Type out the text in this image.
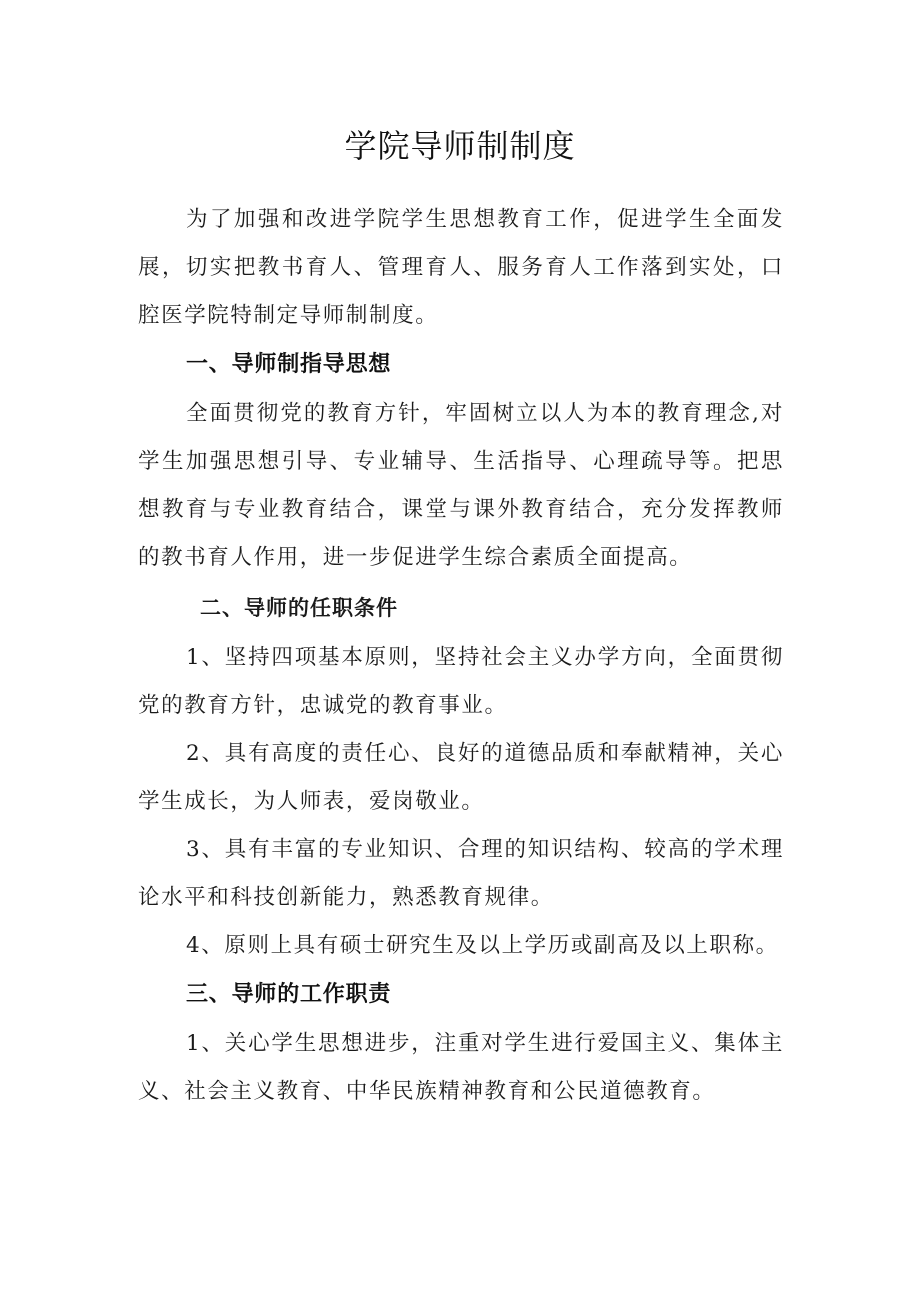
学院导师制制度

为了加强和改进学院学生思想教育工作，促进学生全面发展，切实把教书育人、管理育人、服务育人工作落到实处，口腔医学院特制定导师制制度。

一、导师制指导思想

全面贯彻党的教育方针，牢固树立以人为本的教育理念,对学生加强思想引导、专业辅导、生活指导、心理疏导等。把思想教育与专业教育结合，课堂与课外教育结合，充分发挥教师的教书育人作用，进一步促进学生综合素质全面提高。

二、导师的任职条件

1、坚持四项基本原则，坚持社会主义办学方向，全面贯彻党的教育方针，忠诚党的教育事业。

2、具有高度的责任心、良好的道德品质和奉献精神，关心学生成长，为人师表，爱岗敬业。

3、具有丰富的专业知识、合理的知识结构、较高的学术理论水平和科技创新能力，熟悉教育规律。

4、原则上具有硕士研究生及以上学历或副高及以上职称。

三、导师的工作职责

1、关心学生思想进步，注重对学生进行爱国主义、集体主义、社会主义教育、中华民族精神教育和公民道德教育。
